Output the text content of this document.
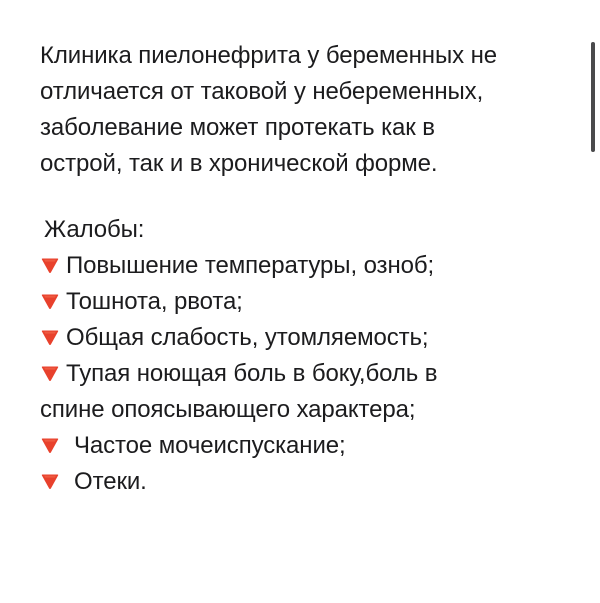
Клиника пиелонефрита у беременных не
отличается от таковой у небеременных,
заболевание может протекать как в
острой, так и в хронической форме.
Жалобы:
Повышение температуры, озноб;
Тошнота, рвота;
Общая слабость, утомляемость;
Тупая ноющая боль в боку,боль в
спине опоясывающего характера;
Частое мочеиспускание;
Отеки.
